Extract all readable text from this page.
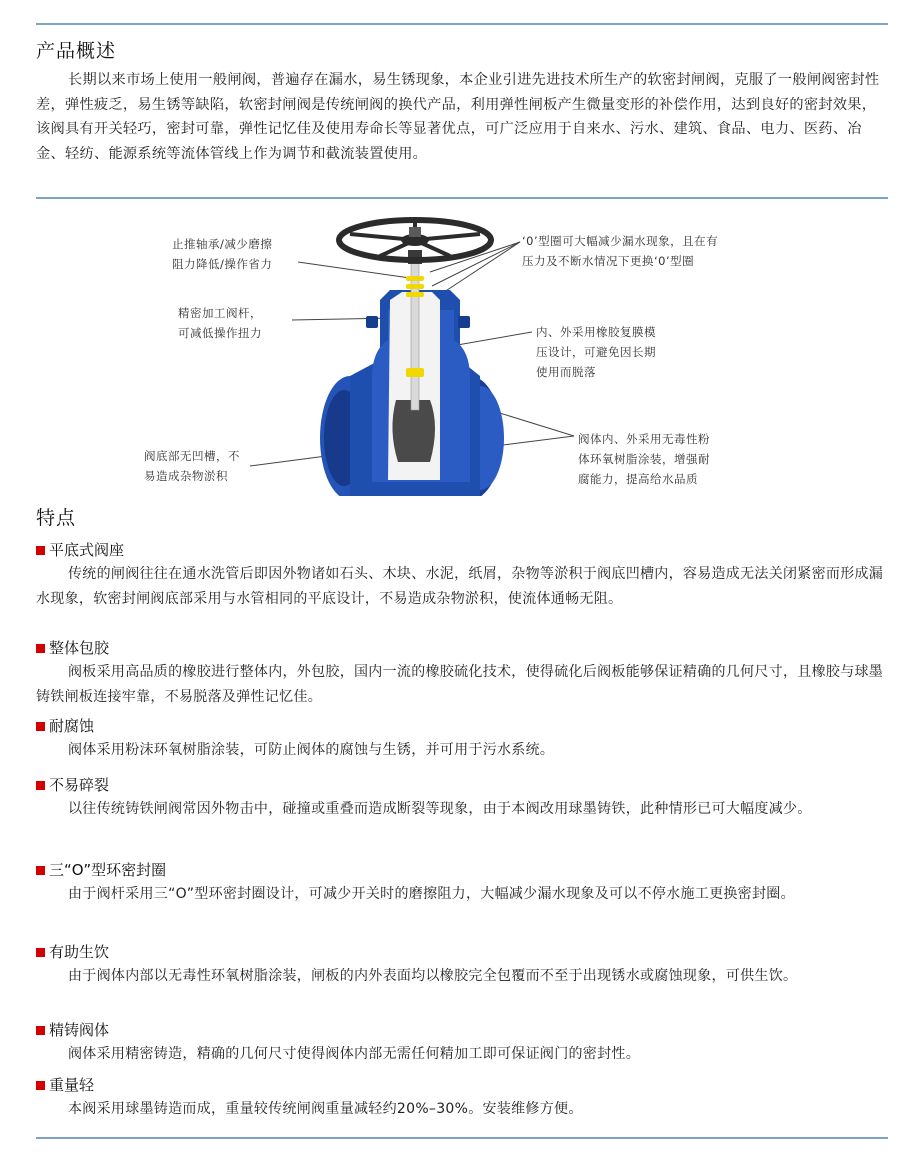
产品概述

长期以来市场上使用一般闸阀，普遍存在漏水，易生锈现象，本企业引进先进技术所生产的软密封闸阀，克服了一般闸阀密封性差，弹性疲乏，易生锈等缺陷，软密封闸阀是传统闸阀的换代产品，利用弹性闸板产生微量变形的补偿作用，达到良好的密封效果，该阀具有开关轻巧，密封可靠，弹性记忆佳及使用寿命长等显著优点，可广泛应用于自来水、污水、建筑、食品、电力、医药、冶金、轻纺、能源系统等流体管线上作为调节和截流装置使用。

止推轴承/减少磨擦
阻力降低/操作省力

精密加工阀杆，
可减低操作扭力

阀底部无凹槽，不
易造成杂物淤积

‘0’型圈可大幅减少漏水现象，且在有
压力及不断水情况下更换‘0’型圈

内、外采用橡胶复膜模
压设计，可避免因长期
使用而脱落

阀体内、外采用无毒性粉
体环氧树脂涂装，增强耐
腐能力，提高给水品质

特点

平底式阀座

传统的闸阀往往在通水洗管后即因外物诸如石头、木块、水泥，纸屑，杂物等淤积于阀底凹槽内，容易造成无法关闭紧密而形成漏水现象，软密封闸阀底部采用与水管相同的平底设计，不易造成杂物淤积，使流体通畅无阻。

整体包胶

阀板采用高品质的橡胶进行整体内，外包胶，国内一流的橡胶硫化技术，使得硫化后阀板能够保证精确的几何尺寸，且橡胶与球墨铸铁闸板连接牢靠，不易脱落及弹性记忆佳。

耐腐蚀

阀体采用粉沫环氧树脂涂装，可防止阀体的腐蚀与生锈，并可用于污水系统。

不易碎裂

以往传统铸铁闸阀常因外物击中，碰撞或重叠而造成断裂等现象，由于本阀改用球墨铸铁，此种情形已可大幅度减少。

三“O”型环密封圈

由于阀杆采用三“O”型环密封圈设计，可减少开关时的磨擦阻力，大幅减少漏水现象及可以不停水施工更换密封圈。

有助生饮

由于阀体内部以无毒性环氧树脂涂装，闸板的内外表面均以橡胶完全包覆而不至于出现锈水或腐蚀现象，可供生饮。

精铸阀体

阀体采用精密铸造，精确的几何尺寸使得阀体内部无需任何精加工即可保证阀门的密封性。

重量轻

本阀采用球墨铸造而成，重量较传统闸阀重量减轻约20%–30%。安装维修方便。
